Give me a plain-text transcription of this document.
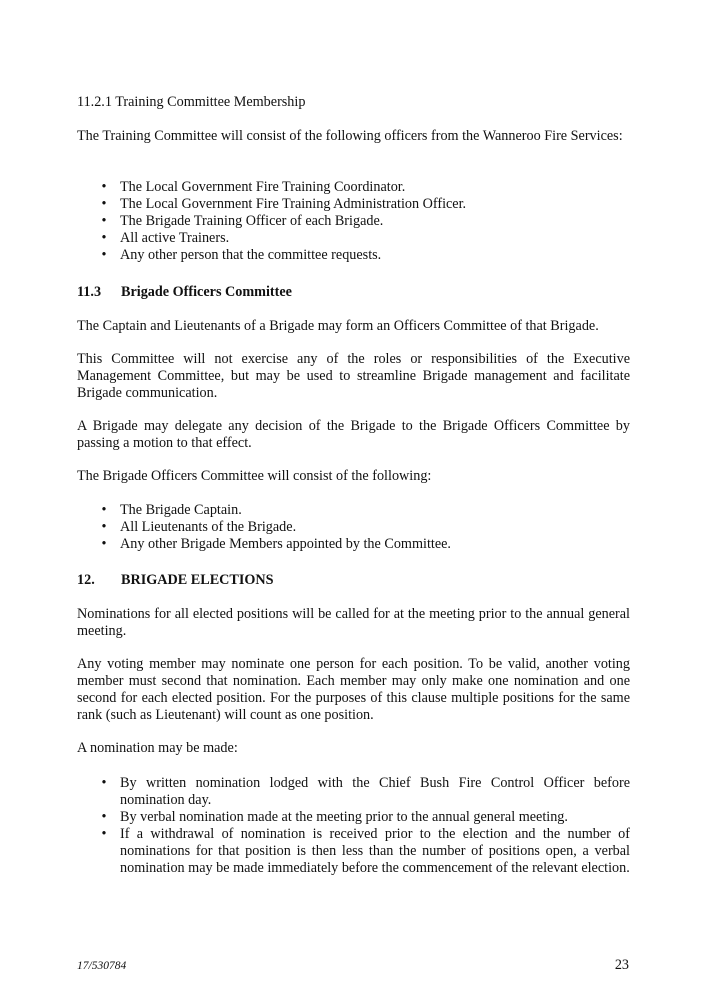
11.2.1 Training Committee Membership

The Training Committee will consist of the following officers from the Wanneroo Fire Services:

• The Local Government Fire Training Coordinator.
• The Local Government Fire Training Administration Officer.
• The Brigade Training Officer of each Brigade.
• All active Trainers.
• Any other person that the committee requests.

11.3 Brigade Officers Committee

The Captain and Lieutenants of a Brigade may form an Officers Committee of that Brigade.

This Committee will not exercise any of the roles or responsibilities of the Executive Management Committee, but may be used to streamline Brigade management and facilitate Brigade communication.

A Brigade may delegate any decision of the Brigade to the Brigade Officers Committee by passing a motion to that effect.

The Brigade Officers Committee will consist of the following:

• The Brigade Captain.
• All Lieutenants of the Brigade.
• Any other Brigade Members appointed by the Committee.

12. BRIGADE ELECTIONS

Nominations for all elected positions will be called for at the meeting prior to the annual general meeting.

Any voting member may nominate one person for each position. To be valid, another voting member must second that nomination. Each member may only make one nomination and one second for each elected position. For the purposes of this clause multiple positions for the same rank (such as Lieutenant) will count as one position.

A nomination may be made:

• By written nomination lodged with the Chief Bush Fire Control Officer before nomination day.
• By verbal nomination made at the meeting prior to the annual general meeting.
• If a withdrawal of nomination is received prior to the election and the number of nominations for that position is then less than the number of positions open, a verbal nomination may be made immediately before the commencement of the relevant election.
17/530784	23
